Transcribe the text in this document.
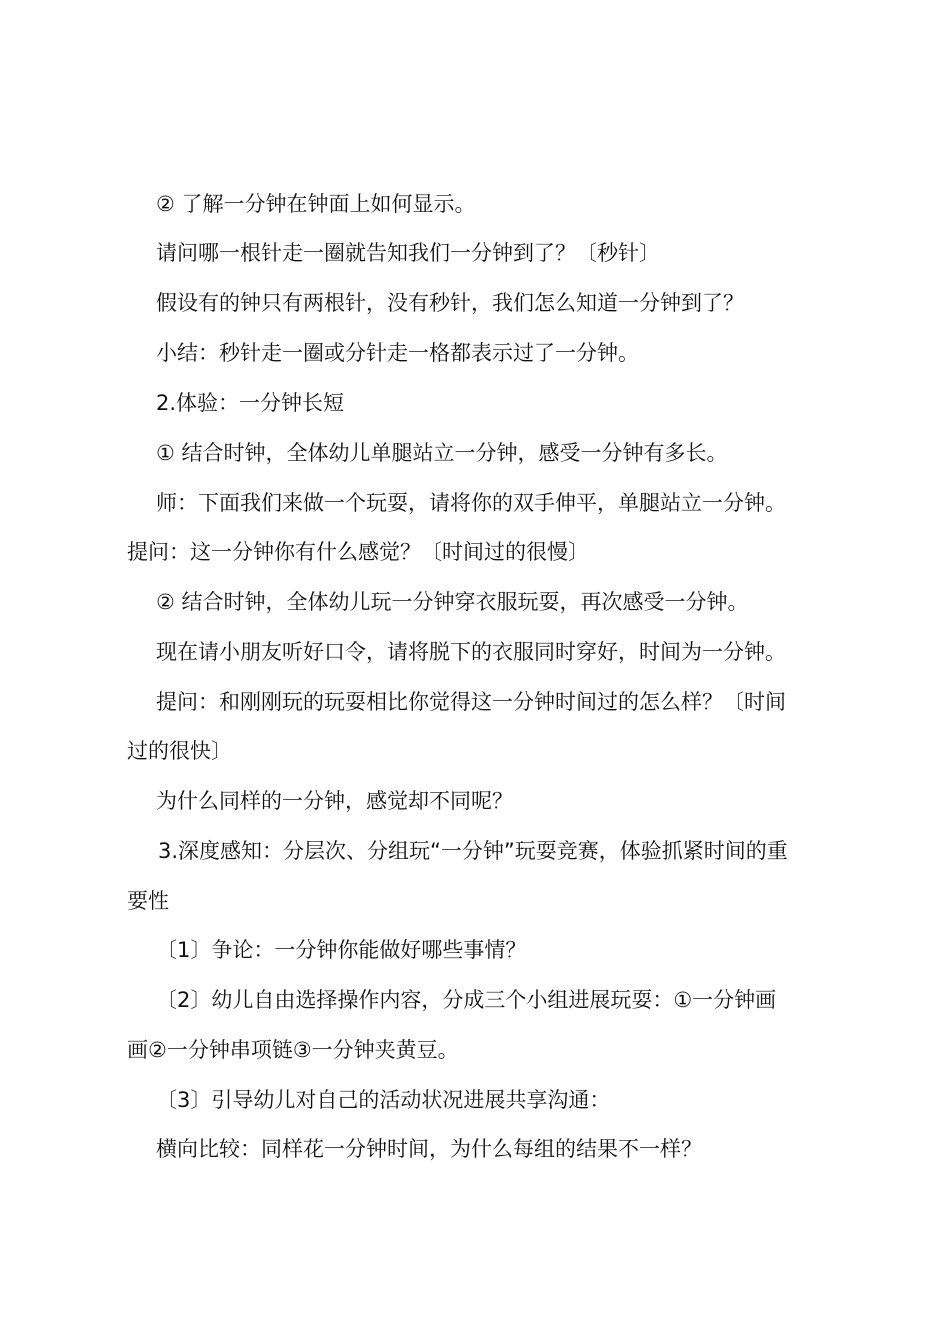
② 了解一分钟在钟面上如何显示。
请问哪一根针走一圈就告知我们一分钟到了？〔秒针〕
假设有的钟只有两根针，没有秒针，我们怎么知道一分钟到了？
小结：秒针走一圈或分针走一格都表示过了一分钟。
2.体验：一分钟长短
① 结合时钟，全体幼儿单腿站立一分钟，感受一分钟有多长。
师：下面我们来做一个玩耍，请将你的双手伸平，单腿站立一分钟。
提问：这一分钟你有什么感觉？〔时间过的很慢〕
② 结合时钟，全体幼儿玩一分钟穿衣服玩耍，再次感受一分钟。
现在请小朋友听好口令，请将脱下的衣服同时穿好，时间为一分钟。
提问：和刚刚玩的玩耍相比你觉得这一分钟时间过的怎么样？〔时间
过的很快〕
为什么同样的一分钟，感觉却不同呢？
3.深度感知：分层次、分组玩“一分钟”玩耍竞赛，体验抓紧时间的重
要性
〔1〕争论：一分钟你能做好哪些事情？
〔2〕幼儿自由选择操作内容，分成三个小组进展玩耍：①一分钟画
画②一分钟串项链③一分钟夹黄豆。
〔3〕引导幼儿对自己的活动状况进展共享沟通：
横向比较：同样花一分钟时间，为什么每组的结果不一样？
